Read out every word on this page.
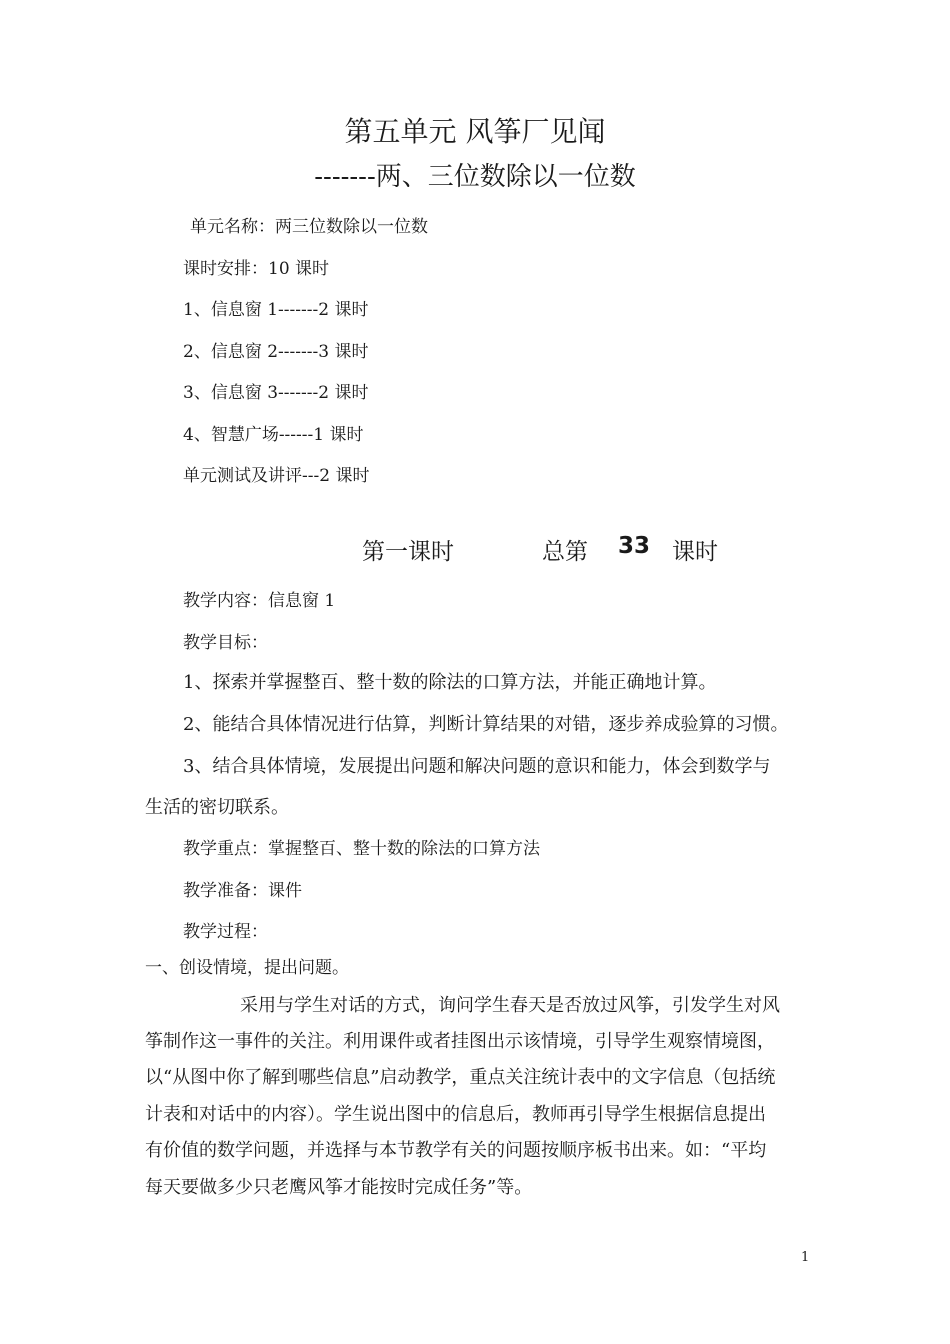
第五单元 风筝厂见闻
-------两、三位数除以一位数
单元名称：两三位数除以一位数
课时安排：10 课时
1、信息窗 1-------2 课时
2、信息窗 2-------3 课时
3、信息窗 3-------2 课时
4、智慧广场------1 课时
单元测试及讲评---2 课时
第一课时	总第 33 课时
教学内容：信息窗 1
教学目标：
1、探索并掌握整百、整十数的除法的口算方法，并能正确地计算。
2、能结合具体情况进行估算，判断计算结果的对错，逐步养成验算的习惯。
3、结合具体情境，发展提出问题和解决问题的意识和能力，体会到数学与
生活的密切联系。
教学重点：掌握整百、整十数的除法的口算方法
教学准备：课件
教学过程：
一、创设情境，提出问题。
采用与学生对话的方式，询问学生春天是否放过风筝，引发学生对风
筝制作这一事件的关注。利用课件或者挂图出示该情境，引导学生观察情境图，
以“从图中你了解到哪些信息”启动教学，重点关注统计表中的文字信息（包括统
计表和对话中的内容）。学生说出图中的信息后，教师再引导学生根据信息提出
有价值的数学问题，并选择与本节教学有关的问题按顺序板书出来。如：“平均
每天要做多少只老鹰风筝才能按时完成任务”等。
1
